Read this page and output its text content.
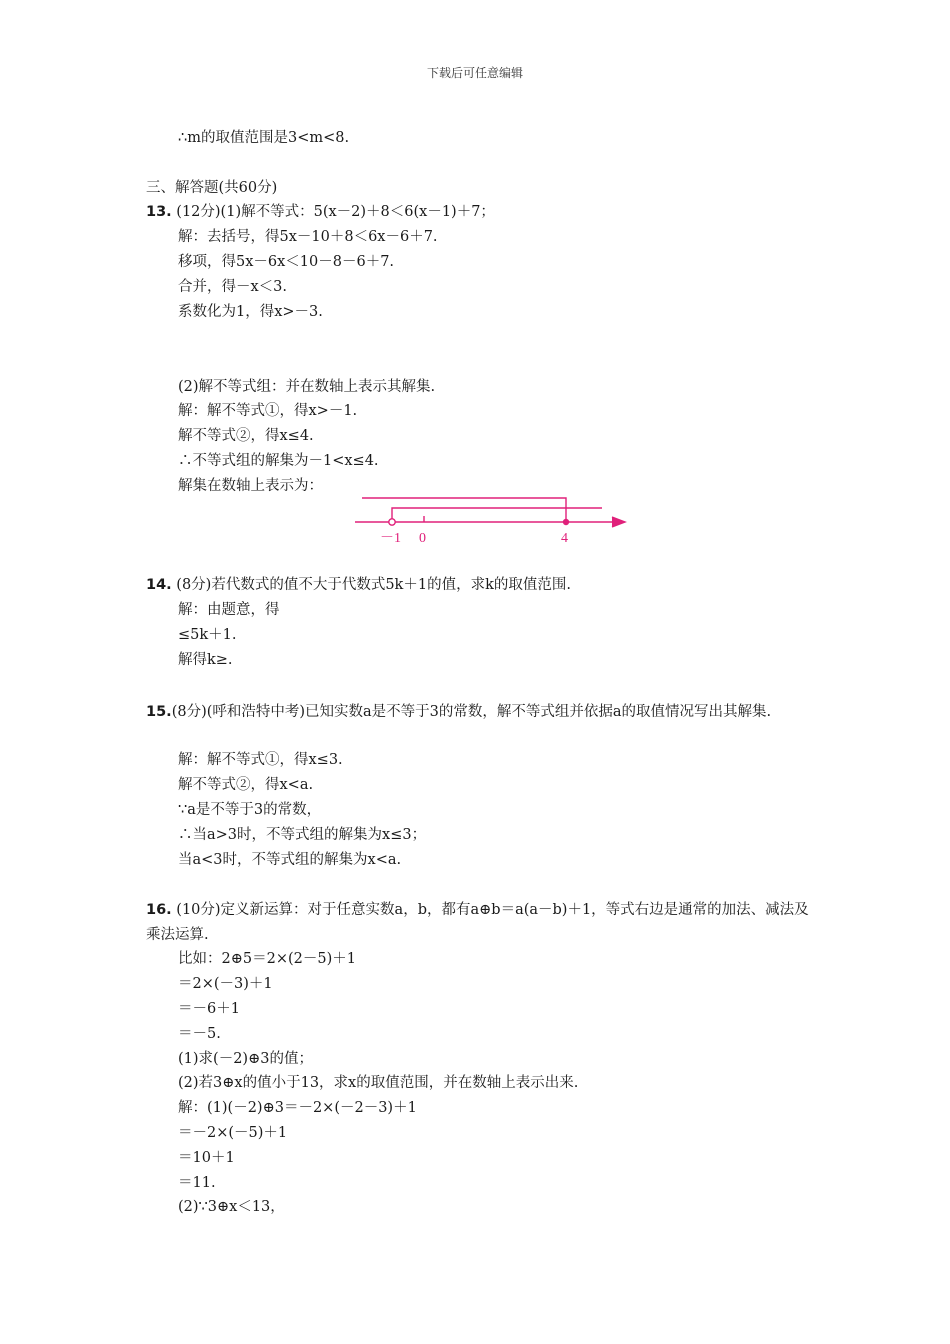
下载后可任意编辑
∴m的取值范围是3<m<8.
三、解答题(共60分)
13. (12分)(1)解不等式：5(x－2)＋8＜6(x－1)＋7；
解：去括号，得5x－10＋8＜6x－6＋7.
移项，得5x－6x＜10－8－6＋7.
合并，得－x＜3.
系数化为1，得x>－3.
(2)解不等式组：并在数轴上表示其解集.
解：解不等式①，得x>－1.
解不等式②，得x≤4.
∴不等式组的解集为－1<x≤4.
解集在数轴上表示为：
－1 0	4
14. (8分)若代数式的值不大于代数式5k＋1的值，求k的取值范围.
解：由题意，得
≤5k＋1.
解得k≥.
15.(8分)(呼和浩特中考)已知实数a是不等于3的常数，解不等式组并依据a的取值情况写出其解集.
解：解不等式①，得x≤3.
解不等式②，得x<a.
∵a是不等于3的常数，
∴当a>3时，不等式组的解集为x≤3；
当a<3时，不等式组的解集为x<a.
16. (10分)定义新运算：对于任意实数a，b，都有a⊕b＝a(a－b)＋1，等式右边是通常的加法、减法及乘法运算.
比如：2⊕5＝2×(2－5)＋1
＝2×(－3)＋1
＝－6＋1
＝－5.
(1)求(－2)⊕3的值；
(2)若3⊕x的值小于13，求x的取值范围，并在数轴上表示出来.
解：(1)(－2)⊕3＝－2×(－2－3)＋1
＝－2×(－5)＋1
＝10＋1
＝11.
(2)∵3⊕x＜13，
